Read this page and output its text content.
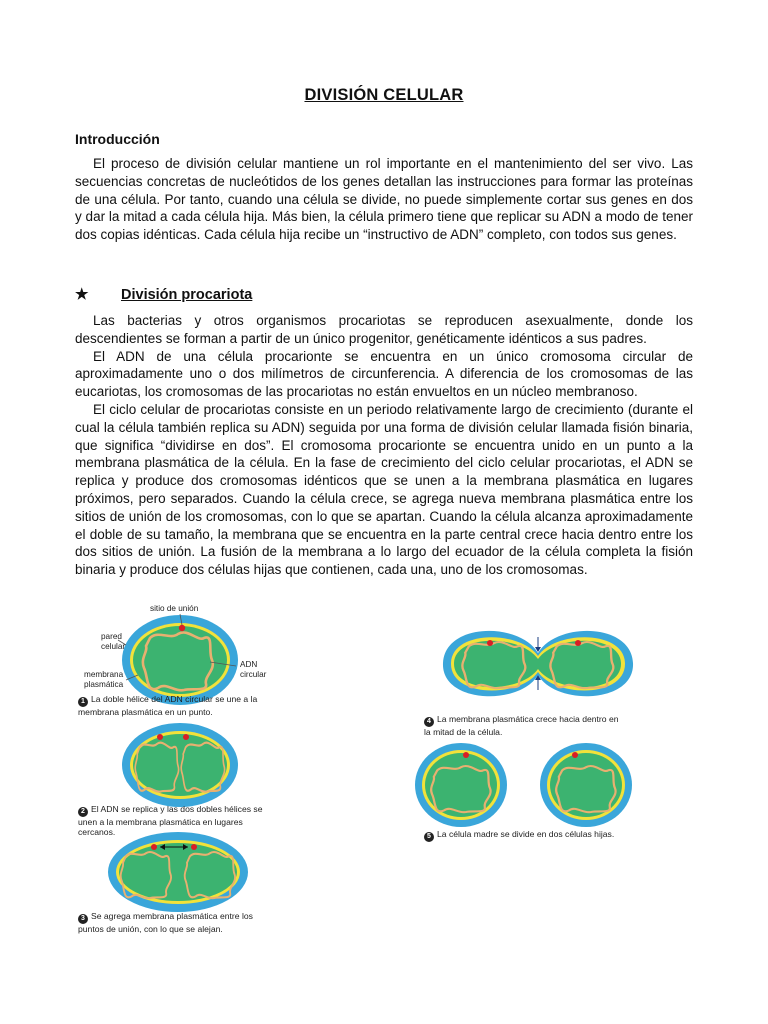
DIVISIÓN CELULAR
Introducción

El proceso de división celular mantiene un rol importante en el mantenimiento del ser vivo. Las secuencias concretas de nucleótidos de los genes detallan las instrucciones para formar las proteínas de una célula. Por tanto, cuando una célula se divide, no puede simplemente cortar sus genes en dos y dar la mitad a cada célula hija. Más bien, la célula primero tiene que replicar su ADN a modo de tener dos copias idénticas. Cada célula hija recibe un “instructivo de ADN” completo, con todos sus genes.

★ División procariota

Las bacterias y otros organismos procariotas se reproducen asexualmente, donde los descendientes se forman a partir de un único progenitor, genéticamente idénticos a sus padres.

El ADN de una célula procarionte se encuentra en un único cromosoma circular de aproximadamente uno o dos milímetros de circunferencia. A diferencia de los cromosomas de las eucariotas, los cromosomas de las procariotas no están envueltos en un núcleo membranoso.

El ciclo celular de procariotas consiste en un periodo relativamente largo de crecimiento (durante el cual la célula también replica su ADN) seguida por una forma de división celular llamada fisión binaria, que significa “dividirse en dos”. El cromosoma procarionte se encuentra unido en un punto a la membrana plasmática de la célula. En la fase de crecimiento del ciclo celular procariotas, el ADN se replica y produce dos cromosomas idénticos que se unen a la membrana plasmática en lugares próximos, pero separados. Cuando la célula crece, se agrega nueva membrana plasmática entre los sitios de unión de los cromosomas, con lo que se apartan. Cuando la célula alcanza aproximadamente el doble de su tamaño, la membrana que se encuentra en la parte central crece hacia dentro entre los dos sitios de unión. La fusión de la membrana a lo largo del ecuador de la célula completa la fisión binaria y produce dos células hijas que contienen, cada una, uno de los cromosomas.

sitio de unión
pared
celular
membrana
plasmática
ADN
circular
1 La doble hélice del ADN circular se une a la
membrana plasmática en un punto.
2 El ADN se replica y las dos dobles hélices se
unen a la membrana plasmática en lugares
cercanos.
3 Se agrega membrana plasmática entre los
puntos de unión, con lo que se alejan.
4 La membrana plasmática crece hacia dentro en
la mitad de la célula.
5 La célula madre se divide en dos células hijas.
